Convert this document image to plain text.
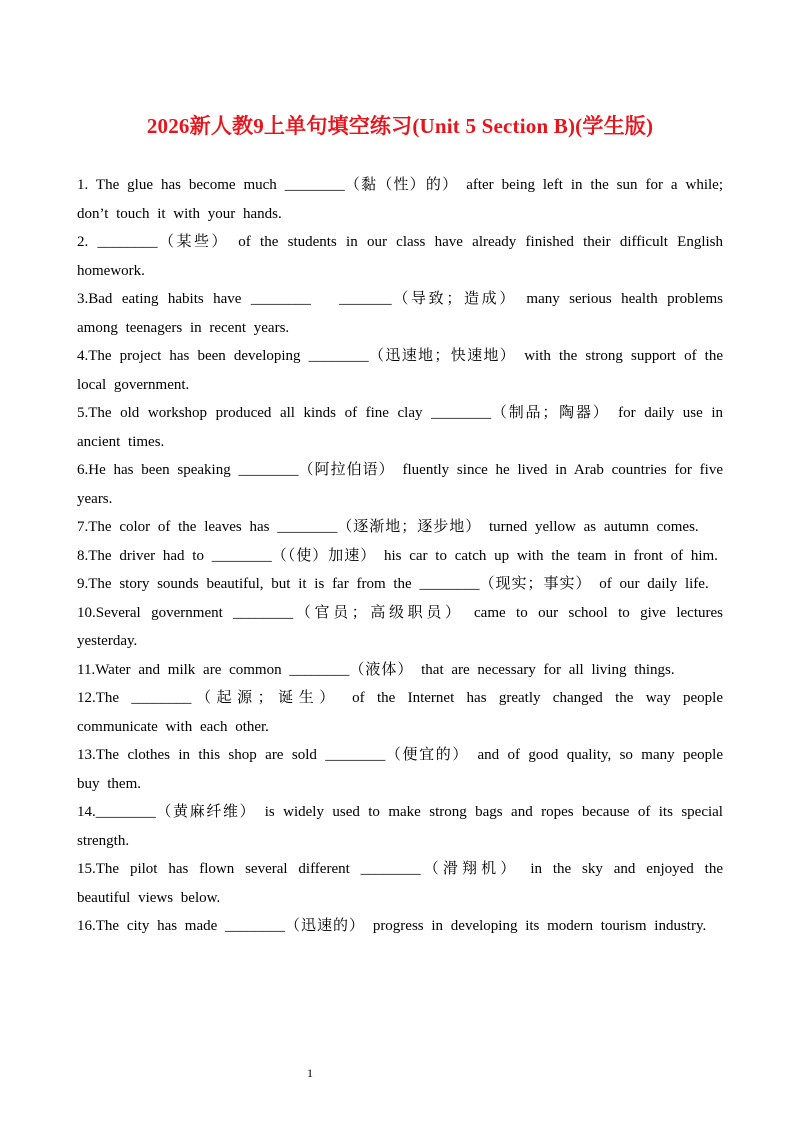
2026新人教9上单句填空练习(Unit 5 Section B)(学生版)
1. The glue has become much ________（黏（性）的） after being left in the sun for a while; don’t touch it with your hands.
2. ________（某些） of the students in our class have already finished their difficult English homework.
3.Bad eating habits have ________   _______（导致；造成） many serious health problems among teenagers in recent years.
4.The project has been developing ________（迅速地；快速地） with the strong support of the local government.
5.The old workshop produced all kinds of fine clay ________（制品；陶器） for daily use in ancient times.
6.He has been speaking ________（阿拉伯语） fluently since he lived in Arab countries for five years.
7.The color of the leaves has ________（逐渐地；逐步地） turned yellow as autumn comes.
8.The driver had to ________（（使）加速） his car to catch up with the team in front of him.
9.The story sounds beautiful, but it is far from the ________（现实；事实） of our daily life.
10.Several government ________（官员；高级职员） came to our school to give lectures yesterday.
11.Water and milk are common ________（液体） that are necessary for all living things.
12.The ________（起源；诞生） of the Internet has greatly changed the way people communicate with each other.
13.The clothes in this shop are sold ________（便宜的） and of good quality, so many people buy them.
14.________（黄麻纤维） is widely used to make strong bags and ropes because of its special strength.
15.The pilot has flown several different ________（滑翔机） in the sky and enjoyed the beautiful views below.
16.The city has made ________（迅速的） progress in developing its modern tourism industry.
1
